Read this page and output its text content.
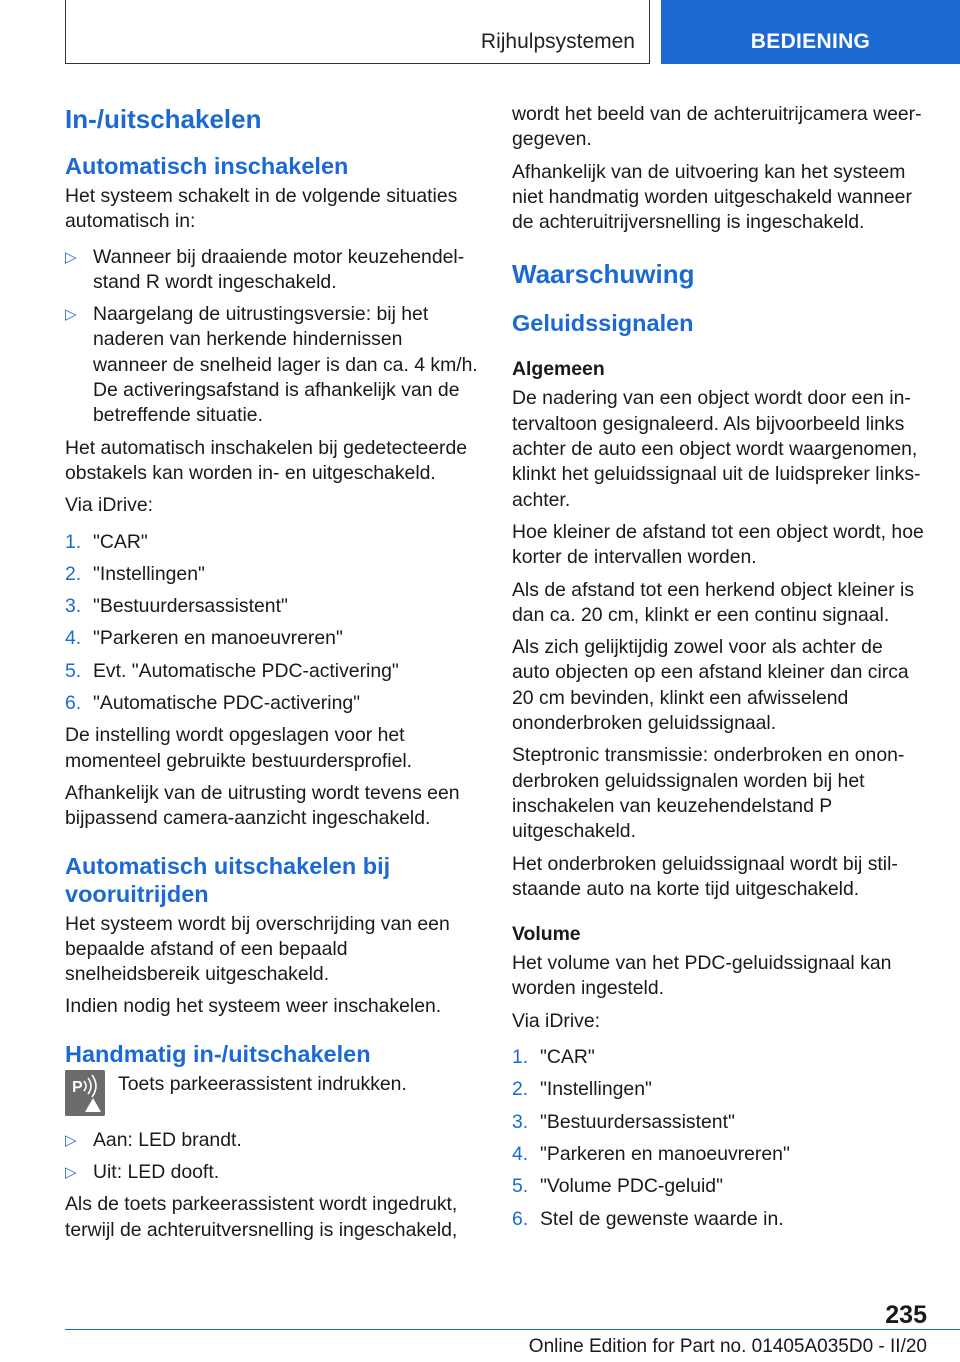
Rijhulpsystemen	BEDIENING
In-/uitschakelen
Automatisch inschakelen

Het systeem schakelt in de volgende situaties automatisch in:

▷ Wanneer bij draaiende motor keuzehendelstand R wordt ingeschakeld.
▷ Naargelang de uitrustingsversie: bij het naderen van herkende hindernissen wanneer de snelheid lager is dan ca. 4 km/h. De activeringsafstand is afhankelijk van de betreffende situatie.

Het automatisch inschakelen bij gedetecteerde obstakels kan worden in- en uitgeschakeld.

Via iDrive:

1. "CAR"
2. "Instellingen"
3. "Bestuurdersassistent"
4. "Parkeren en manoeuvreren"
5. Evt. "Automatische PDC-activering"
6. "Automatische PDC-activering"

De instelling wordt opgeslagen voor het momenteel gebruikte bestuurdersprofiel.

Afhankelijk van de uitrusting wordt tevens een bijpassend camera-aanzicht ingeschakeld.

Automatisch uitschakelen bij vooruitrijden

Het systeem wordt bij overschrijding van een bepaalde afstand of een bepaald snelheidsbereik uitgeschakeld.

Indien nodig het systeem weer inschakelen.

Handmatig in-/uitschakelen
P Toets parkeerassistent indrukken.
▷ Aan: LED brandt.
▷ Uit: LED dooft.

Als de toets parkeerassistent wordt ingedrukt, terwijl de achteruitversnelling is ingeschakeld,

wordt het beeld van de achteruitrijcamera weergegeven.

Afhankelijk van de uitvoering kan het systeem niet handmatig worden uitgeschakeld wanneer de achteruitrijversnelling is ingeschakeld.

Waarschuwing
Geluidssignalen
Algemeen

De nadering van een object wordt door een intervaltoon gesignaleerd. Als bijvoorbeeld links achter de auto een object wordt waargenomen, klinkt het geluidssignaal uit de luidspreker linksachter.

Hoe kleiner de afstand tot een object wordt, hoe korter de intervallen worden.

Als de afstand tot een herkend object kleiner is dan ca. 20 cm, klinkt er een continu signaal.

Als zich gelijktijdig zowel voor als achter de auto objecten op een afstand kleiner dan circa 20 cm bevinden, klinkt een afwisselend ononderbroken geluidssignaal.

Steptronic transmissie: onderbroken en ononderbroken geluidssignalen worden bij het inschakelen van keuzehendelstand P uitgeschakeld.

Het onderbroken geluidssignaal wordt bij stilstaande auto na korte tijd uitgeschakeld.

Volume

Het volume van het PDC-geluidssignaal kan worden ingesteld.

Via iDrive:

1. "CAR"
2. "Instellingen"
3. "Bestuurdersassistent"
4. "Parkeren en manoeuvreren"
5. "Volume PDC-geluid"
6. Stel de gewenste waarde in.
235
Online Edition for Part no. 01405A035D0 - II/20
